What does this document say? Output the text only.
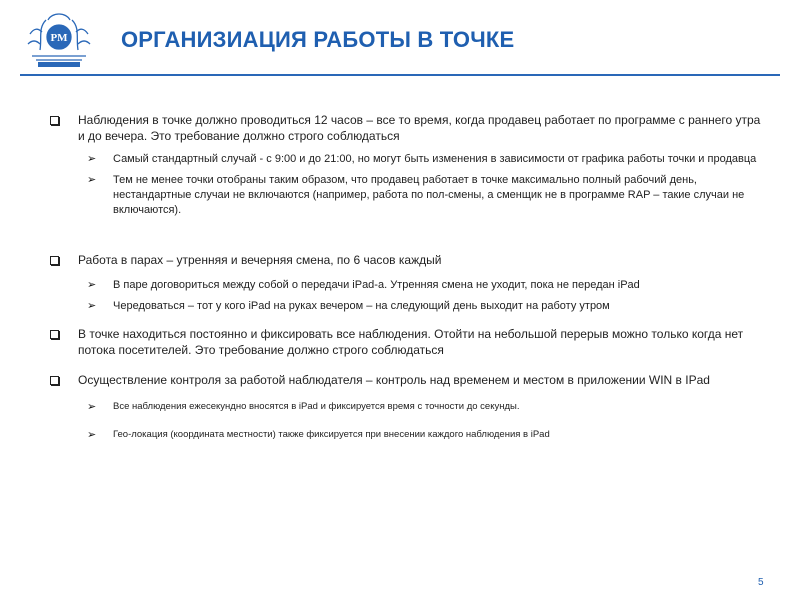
PM ОРГАНИЗИАЦИЯ РАБОТЫ В ТОЧКЕ
Наблюдения в точке должно проводиться 12 часов – все то время, когда продавец работает по программе с раннего утра и до вечера. Это требование должно строго соблюдаться
➢ Самый стандартный случай - с 9:00 и до 21:00, но могут быть изменения в зависимости от графика работы точки и продавца
➢ Тем не менее точки отобраны таким образом, что продавец работает в точке максимально полный рабочий день, нестандартные случаи не включаются (например, работа по пол-смены, а сменщик не в программе RAP – такие случаи не включаются).
Работа в парах – утренняя и вечерняя смена, по 6 часов каждый
➢ В паре договориться между собой о передачи iPad-а. Утренняя смена не уходит, пока не передан iPad
➢ Чередоваться – тот у кого iPad на руках вечером – на следующий день выходит на работу утром
В точке находиться постоянно и фиксировать все наблюдения. Отойти на небольшой перерыв можно только когда нет потока посетителей. Это требование должно строго соблюдаться
Осуществление контроля за работой наблюдателя – контроль над временем и местом в приложении WIN в IPad
➢ Все наблюдения ежесекундно вносятся в iPad и фиксируется время с точности до секунды.
➢ Гео-локация (координата местности) также фиксируется при внесении каждого наблюдения в iPad
5
